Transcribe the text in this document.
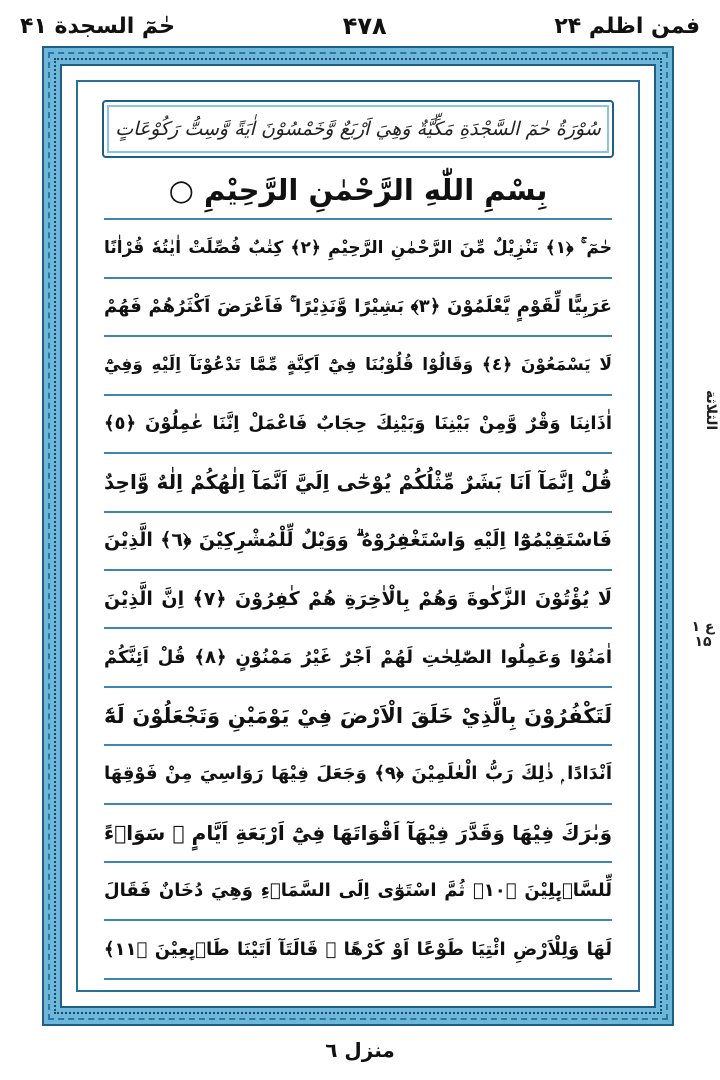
فمن اظلم ۲۴
۴۷۸
حٰمٓ السجدة ۴۱
سُوْرَةُ حٰمٓ السَّجْدَةِ مَكِّيَّةٌ وَهِيَ اَرْبَعٌ وَّخَمْسُوْنَ اٰيَةً وَّسِتُّ رَكُوْعَاتٍ
بِسْمِ اللّٰهِ الرَّحْمٰنِ الرَّحِيْمِ ○
حٰمٓ ۚ ﴿١﴾ تَنْزِيْلٌ مِّنَ الرَّحْمٰنِ الرَّحِيْمِ ﴿٢﴾ كِتٰبٌ فُصِّلَتْ اٰيٰتُهٗ قُرْاٰنًا
عَرَبِيًّا لِّقَوْمٍ يَّعْلَمُوْنَ ﴿٣﴾ بَشِيْرًا وَّنَذِيْرًا ۚ فَاَعْرَضَ اَكْثَرُهُمْ فَهُمْ
لَا يَسْمَعُوْنَ ﴿٤﴾ وَقَالُوْا قُلُوْبُنَا فِيْٓ اَكِنَّةٍ مِّمَّا تَدْعُوْنَآ اِلَيْهِ وَفِيْٓ
اٰذَانِنَا وَقْرٌ وَّمِنْ بَيْنِنَا وَبَيْنِكَ حِجَابٌ فَاعْمَلْ اِنَّنَا عٰمِلُوْنَ ﴿٥﴾
قُلْ اِنَّمَآ اَنَا بَشَرٌ مِّثْلُكُمْ يُوْحٰٓى اِلَيَّ اَنَّمَآ اِلٰهُكُمْ اِلٰهٌ وَّاحِدٌ
فَاسْتَقِيْمُوْٓا اِلَيْهِ وَاسْتَغْفِرُوْهُ ۗ وَوَيْلٌ لِّلْمُشْرِكِيْنَ ﴿٦﴾ الَّذِيْنَ
لَا يُؤْتُوْنَ الزَّكٰوةَ وَهُمْ بِالْاٰخِرَةِ هُمْ كٰفِرُوْنَ ﴿٧﴾ اِنَّ الَّذِيْنَ
اٰمَنُوْا وَعَمِلُوا الصّٰلِحٰتِ لَهُمْ اَجْرٌ غَيْرُ مَمْنُوْنٍ ﴿٨﴾ قُلْ اَئِنَّكُمْ
لَتَكْفُرُوْنَ بِالَّذِيْ خَلَقَ الْاَرْضَ فِيْ يَوْمَيْنِ وَتَجْعَلُوْنَ لَهٗٓ
اَنْدَادًا ۭ ذٰلِكَ رَبُّ الْعٰلَمِيْنَ ﴿٩﴾ وَجَعَلَ فِيْهَا رَوَاسِيَ مِنْ فَوْقِهَا
وَبٰرَكَ فِيْهَا وَقَدَّرَ فِيْهَآ اَقْوَاتَهَا فِيْٓ اَرْبَعَةِ اَيَّامٍ ۭ سَوَاۗءً
لِّلسَّاۗىِٕلِيْنَ ﴿١٠﴾ ثُمَّ اسْتَوٰٓى اِلَى السَّمَاۗءِ وَهِيَ دُخَانٌ فَقَالَ
لَهَا وَلِلْاَرْضِ ائْتِيَا طَوْعًا اَوْ كَرْهًا ۭ قَالَتَآ اَتَيْنَا طَاۗىِٕعِيْنَ ﴿١١﴾
الثلاثة
ع ۱ ۱۵
منزل ٦
